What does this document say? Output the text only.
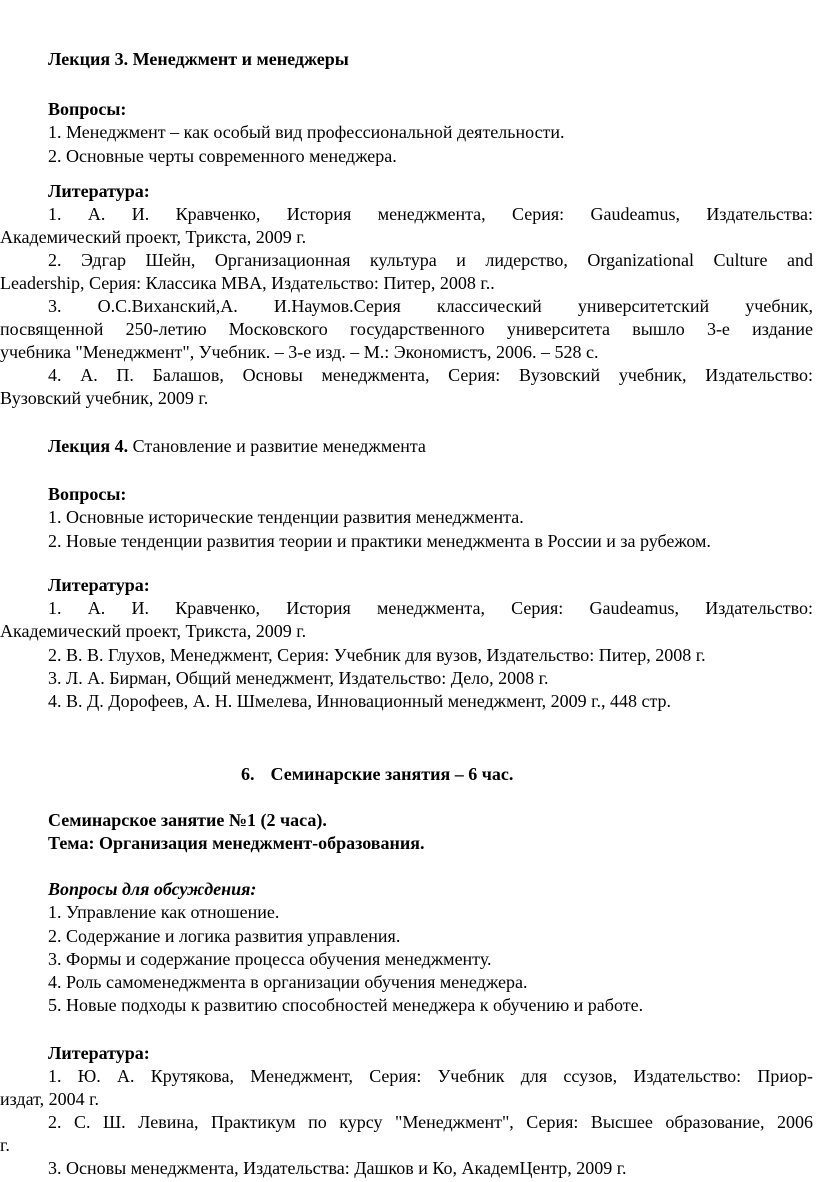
Лекция 3. Менеджмент и менеджеры
Вопросы:
1. Менеджмент – как особый вид профессиональной деятельности.
2. Основные черты современного менеджера.
Литература:
1. А. И. Кравченко, История менеджмента, Серия: Gaudeamus, Издательства:
Академический проект, Трикста, 2009 г.
2. Эдгар Шейн, Организационная культура и лидерство, Organizational Culture and
Leadership, Серия: Классика MBA, Издательство: Питер, 2008 г..
3. О.С.Виханский,А. И.Наумов.Серия классический университетский учебник,
посвященной 250-летию Московского государственного университета вышло 3-е издание
учебника "Менеджмент", Учебник. – 3-е изд. – М.: Экономистъ, 2006. – 528 с.
4. А. П. Балашов, Основы менеджмента, Серия: Вузовский учебник, Издательство:
Вузовский учебник, 2009 г.
Лекция 4. Становление и развитие менеджмента
Вопросы:
1. Основные исторические тенденции развития менеджмента.
2. Новые тенденции развития теории и практики менеджмента в России и за рубежом.
Литература:
1. А. И. Кравченко, История менеджмента, Серия: Gaudeamus, Издательство:
Академический проект, Трикста, 2009 г.
2. В. В. Глухов, Менеджмент, Серия: Учебник для вузов, Издательство: Питер, 2008 г.
3. Л. А. Бирман, Общий менеджмент, Издательство: Дело, 2008 г.
4. В. Д. Дорофеев, А. Н. Шмелева, Инновационный менеджмент, 2009 г., 448 стр.
6. Семинарские занятия – 6 час.
Семинарское занятие №1 (2 часа).
Тема: Организация менеджмент-образования.
Вопросы для обсуждения:
1. Управление как отношение.
2. Содержание и логика развития управления.
3. Формы и содержание процесса обучения менеджменту.
4. Роль самоменеджмента в организации обучения менеджера.
5. Новые подходы к развитию способностей менеджера к обучению и работе.
Литература:
1. Ю. А. Крутякова, Менеджмент, Серия: Учебник для ссузов, Издательство: Приор-
издат, 2004 г.
2. С. Ш. Левина, Практикум по курсу "Менеджмент", Серия: Высшее образование, 2006
г.
3. Основы менеджмента, Издательства: Дашков и Ко, АкадемЦентр, 2009 г.
